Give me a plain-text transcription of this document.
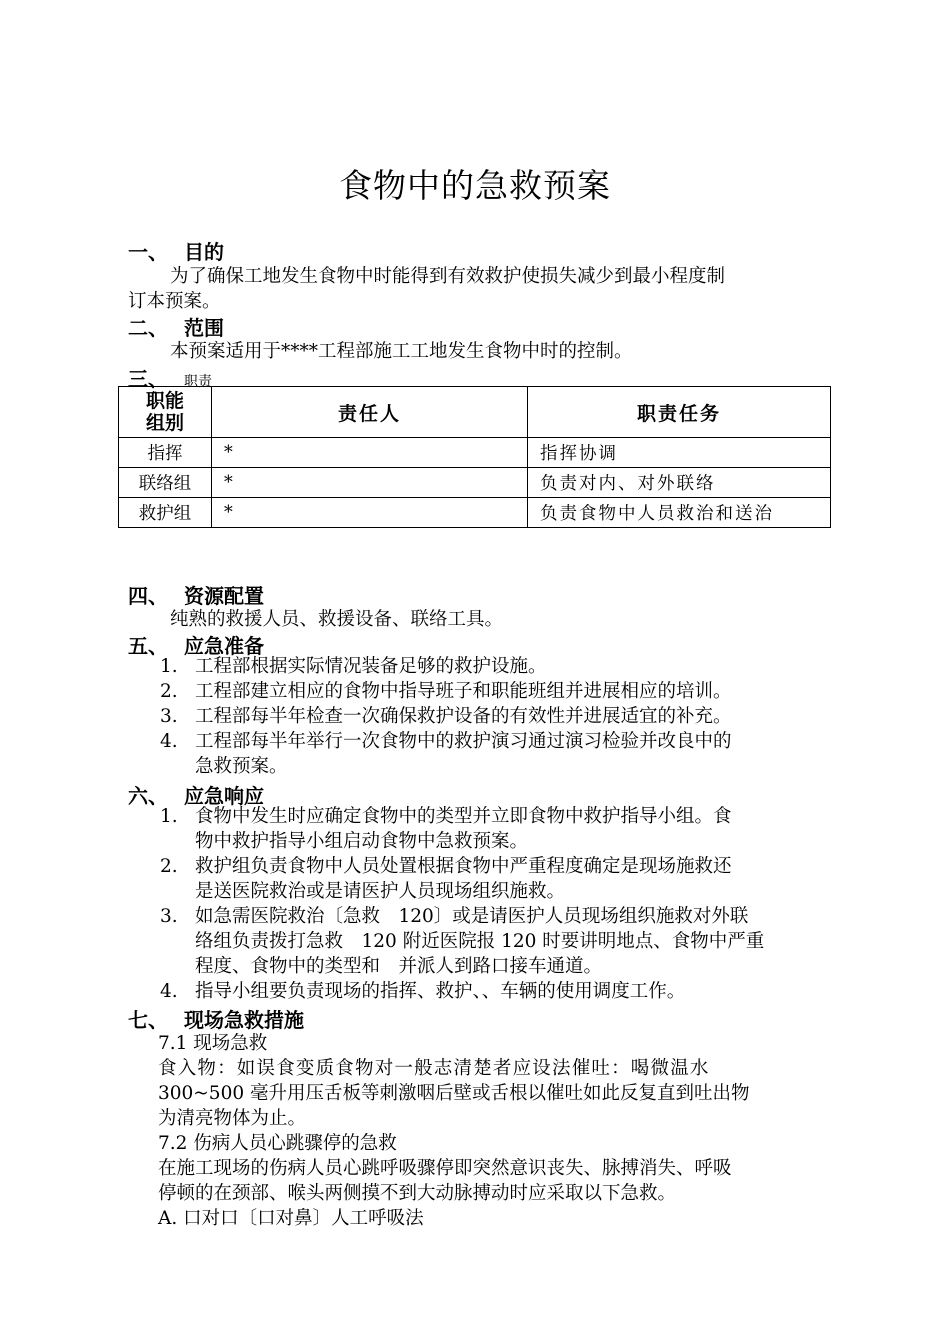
食物中的急救预案
一、 目的
为了确保工地发生食物中时能得到有效救护使损失减少到最小程度制
订本预案。
二、 范围
本预案适用于****工程部施工工地发生食物中时的控制。
三、 职责
职能
组别	责任人	职责任务
指挥	*	指挥协调
联络组	*	负责对内、对外联络
救护组	*	负责食物中人员救治和送治
四、 资源配置
纯熟的救援人员、救援设备、联络工具。
五、 应急准备
1. 工程部根据实际情况装备足够的救护设施。
2. 工程部建立相应的食物中指导班子和职能班组并进展相应的培训。
3. 工程部每半年检查一次确保救护设备的有效性并进展适宜的补充。
4. 工程部每半年举行一次食物中的救护演习通过演习检验并改良中的
急救预案。
六、 应急响应
1. 食物中发生时应确定食物中的类型并立即食物中救护指导小组。食
物中救护指导小组启动食物中急救预案。
2. 救护组负责食物中人员处置根据食物中严重程度确定是现场施救还
是送医院救治或是请医护人员现场组织施救。
3. 如急需医院救治〔急救　120〕或是请医护人员现场组织施救对外联
络组负责拨打急救　120 附近医院报 120 时要讲明地点、食物中严重
程度、食物中的类型和　并派人到路口接车通道。
4. 指导小组要负责现场的指挥、救护、、车辆的使用调度工作。
七、 现场急救措施
7.1 现场急救
食入物：如误食变质食物对一般志清楚者应设法催吐：喝微温水
300~500 毫升用压舌板等刺激咽后壁或舌根以催吐如此反复直到吐出物
为清亮物体为止。
7.2 伤病人员心跳骤停的急救
在施工现场的伤病人员心跳呼吸骤停即突然意识丧失、脉搏消失、呼吸
停顿的在颈部、喉头两侧摸不到大动脉搏动时应采取以下急救。
A. 口对口〔口对鼻〕人工呼吸法
